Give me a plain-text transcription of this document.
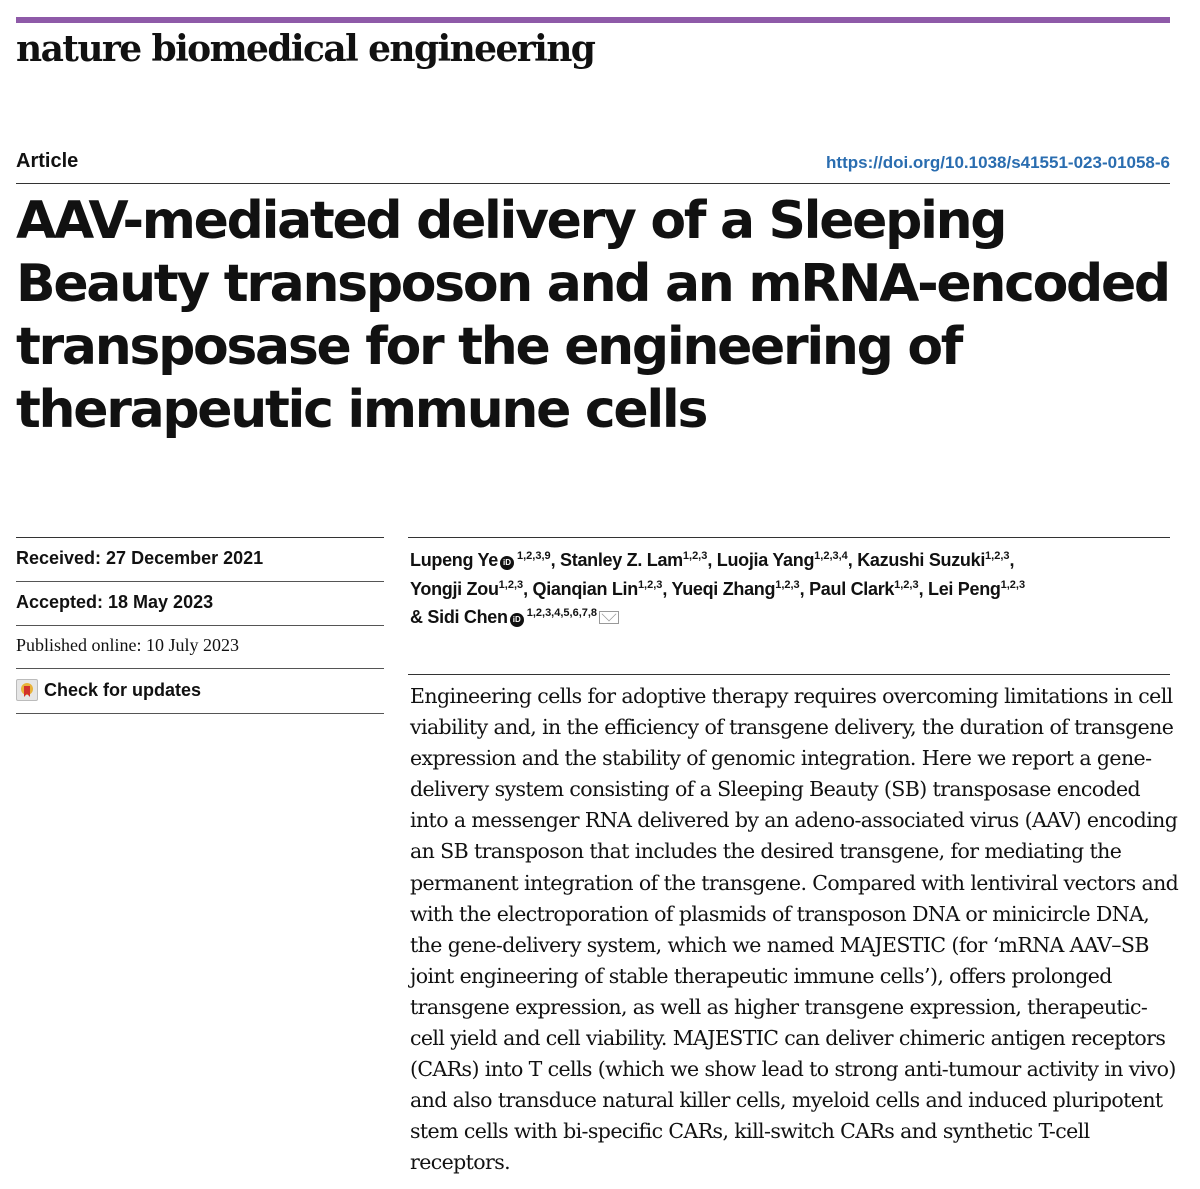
nature biomedical engineering
Article	https://doi.org/10.1038/s41551-023-01058-6
AAV-mediated delivery of a Sleeping Beauty transposon and an mRNA-encoded transposase for the engineering of therapeutic immune cells
Received: 27 December 2021
Accepted: 18 May 2023
Published online: 10 July 2023
Check for updates
Lupeng Ye iD$^{1,2,3,9}$, Stanley Z. Lam$^{1,2,3}$, Luojia Yang$^{1,2,3,4}$, Kazushi Suzuki$^{1,2,3}$,
Yongji Zou$^{1,2,3}$, Qianqian Lin$^{1,2,3}$, Yueqi Zhang$^{1,2,3}$, Paul Clark$^{1,2,3}$, Lei Peng$^{1,2,3}$
& Sidi Chen iD$^{1,2,3,4,5,6,7,8}$

Engineering cells for adoptive therapy requires overcoming limitations in cell viability and, in the efficiency of transgene delivery, the duration of transgene expression and the stability of genomic integration. Here we report a gene-delivery system consisting of a Sleeping Beauty (SB) transposase encoded into a messenger RNA delivered by an adeno-associated virus (AAV) encoding an SB transposon that includes the desired transgene, for mediating the permanent integration of the transgene. Compared with lentiviral vectors and with the electroporation of plasmids of transposon DNA or minicircle DNA, the gene-delivery system, which we named MAJESTIC (for ‘mRNA AAV–SB joint engineering of stable therapeutic immune cells’), offers prolonged transgene expression, as well as higher transgene expression, therapeutic-cell yield and cell viability. MAJESTIC can deliver chimeric antigen receptors (CARs) into T cells (which we show lead to strong anti-tumour activity in vivo) and also transduce natural killer cells, myeloid cells and induced pluripotent stem cells with bi-specific CARs, kill-switch CARs and synthetic T-cell receptors.
